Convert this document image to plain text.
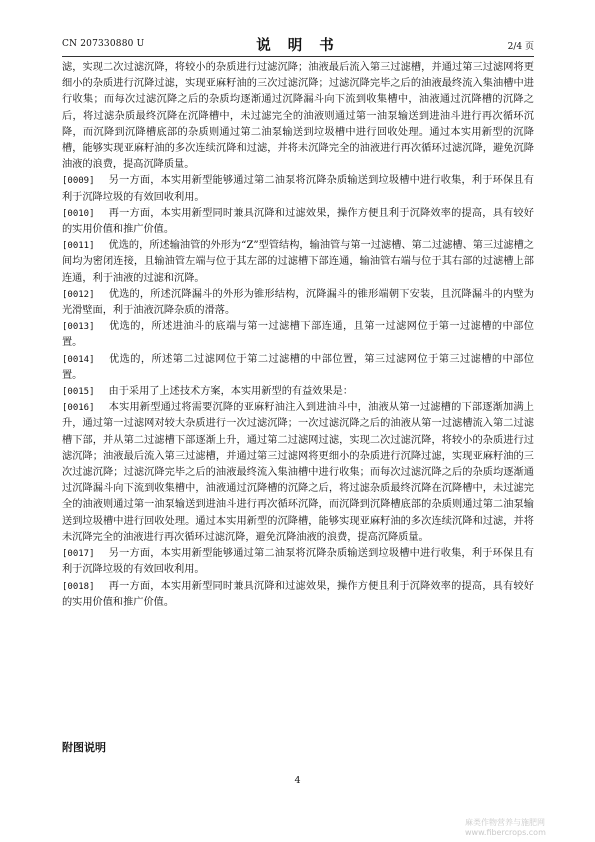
CN 207330880 U	说 明 书	2/4 页

滤，实现二次过滤沉降，将较小的杂质进行过滤沉降；油液最后流入第三过滤槽，并通过第三过滤网将更细小的杂质进行沉降过滤，实现亚麻籽油的三次过滤沉降；过滤沉降完毕之后的油液最终流入集油槽中进行收集；而每次过滤沉降之后的杂质均逐渐通过沉降漏斗向下流到收集槽中，油液通过沉降槽的沉降之后，将过滤杂质最终沉降在沉降槽中，未过滤完全的油液则通过第一油泵输送到进油斗进行再次循环沉降，而沉降到沉降槽底部的杂质则通过第二油泵输送到垃圾槽中进行回收处理。通过本实用新型的沉降槽，能够实现亚麻籽油的多次连续沉降和过滤，并将未沉降完全的油液进行再次循环过滤沉降，避免沉降油液的浪费，提高沉降质量。

[0009] 另一方面，本实用新型能够通过第二油泵将沉降杂质输送到垃圾槽中进行收集，利于环保且有利于沉降垃圾的有效回收利用。

[0010] 再一方面，本实用新型同时兼具沉降和过滤效果，操作方便且利于沉降效率的提高，具有较好的实用价值和推广价值。

[0011] 优选的，所述输油管的外形为“Z”型管结构，输油管与第一过滤槽、第二过滤槽、第三过滤槽之间均为密闭连接，且输油管左端与位于其左部的过滤槽下部连通，输油管右端与位于其右部的过滤槽上部连通，利于油液的过滤和沉降。

[0012] 优选的，所述沉降漏斗的外形为锥形结构，沉降漏斗的锥形端朝下安装，且沉降漏斗的内壁为光滑壁面，利于油液沉降杂质的滑落。

[0013] 优选的，所述进油斗的底端与第一过滤槽下部连通，且第一过滤网位于第一过滤槽的中部位置。

[0014] 优选的，所述第二过滤网位于第二过滤槽的中部位置，第三过滤网位于第三过滤槽的中部位置。

[0015] 由于采用了上述技术方案，本实用新型的有益效果是：

[0016] 本实用新型通过将需要沉降的亚麻籽油注入到进油斗中，油液从第一过滤槽的下部逐渐加满上升，通过第一过滤网对较大杂质进行一次过滤沉降；一次过滤沉降之后的油液从第一过滤槽流入第二过滤槽下部，并从第二过滤槽下部逐渐上升，通过第二过滤网过滤，实现二次过滤沉降，将较小的杂质进行过滤沉降；油液最后流入第三过滤槽，并通过第三过滤网将更细小的杂质进行沉降过滤，实现亚麻籽油的三次过滤沉降；过滤沉降完毕之后的油液最终流入集油槽中进行收集；而每次过滤沉降之后的杂质均逐渐通过沉降漏斗向下流到收集槽中，油液通过沉降槽的沉降之后，将过滤杂质最终沉降在沉降槽中，未过滤完全的油液则通过第一油泵输送到进油斗进行再次循环沉降，而沉降到沉降槽底部的杂质则通过第二油泵输送到垃圾槽中进行回收处理。通过本实用新型的沉降槽，能够实现亚麻籽油的多次连续沉降和过滤，并将未沉降完全的油液进行再次循环过滤沉降，避免沉降油液的浪费，提高沉降质量。

[0017] 另一方面，本实用新型能够通过第二油泵将沉降杂质输送到垃圾槽中进行收集，利于环保且有利于沉降垃圾的有效回收利用。

[0018] 再一方面，本实用新型同时兼具沉降和过滤效果，操作方便且利于沉降效率的提高，具有较好的实用价值和推广价值。

附图说明
4
麻类作物营养与施肥网 www.fibercrops.com
